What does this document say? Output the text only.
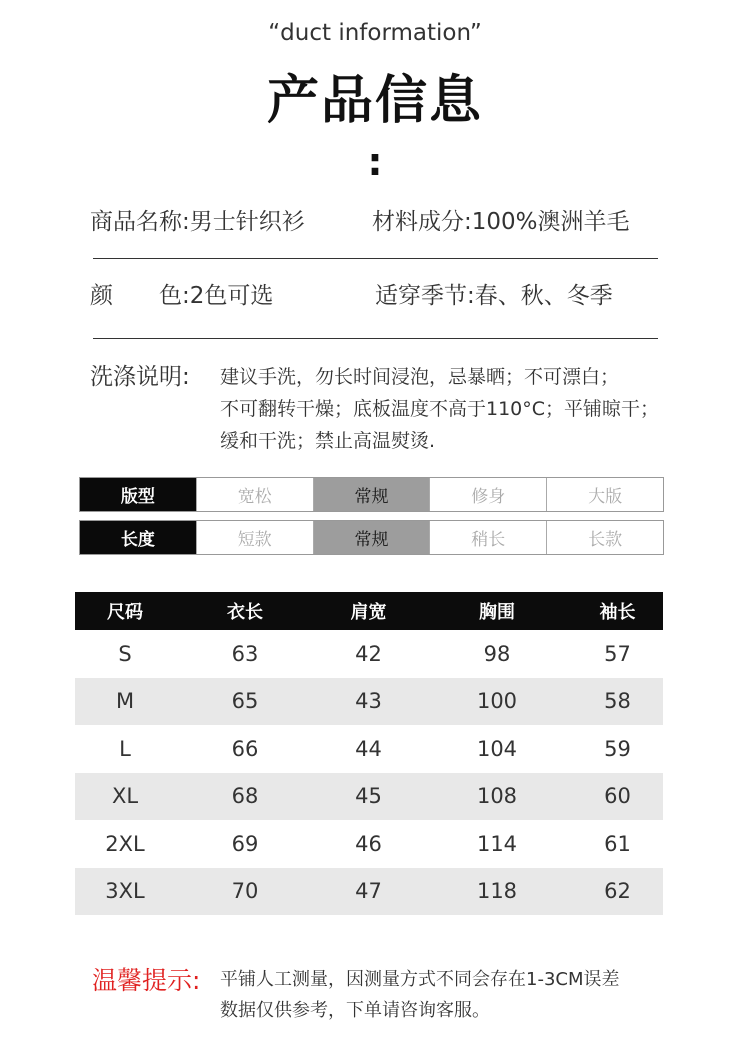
“duct information”
产品信息
:
商品名称:男士针织衫	材料成分:100%澳洲羊毛
颜　　色:2色可选	适穿季节:春、秋、冬季
洗涤说明: 建议手洗，勿长时间浸泡，忌暴晒；不可漂白；
不可翻转干燥；底板温度不高于110°C；平铺晾干；
缓和干洗；禁止高温熨烫.
版型	宽松	常规	修身	大版
长度	短款	常规	稍长	长款
尺码	衣长	肩宽	胸围	袖长
S	63	42	98	57
M	65	43	100	58
L	66	44	104	59
XL	68	45	108	60
2XL	69	46	114	61
3XL	70	47	118	62
温馨提示: 平铺人工测量，因测量方式不同会存在1-3CM误差
数据仅供参考，下单请咨询客服。
